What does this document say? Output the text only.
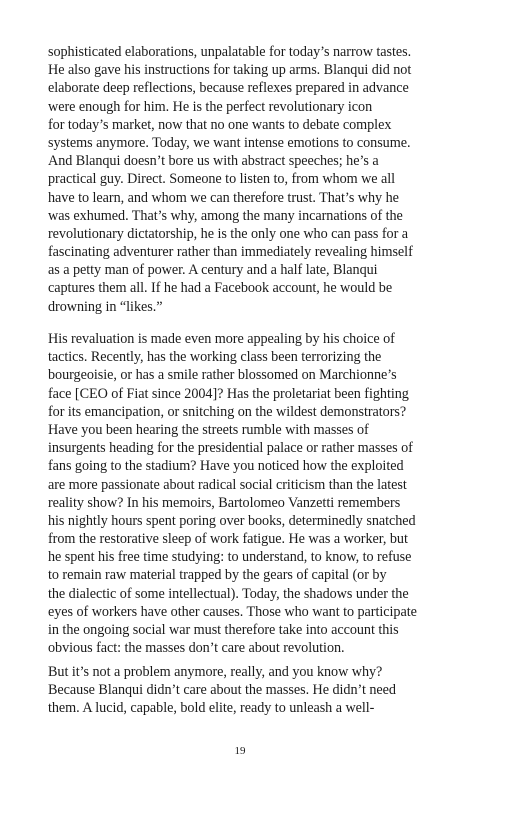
sophisticated elaborations, unpalatable for today’s narrow tastes.
He also gave his instructions for taking up arms. Blanqui did not
elaborate deep reflections, because reflexes prepared in advance
were enough for him. He is the perfect revolutionary icon
for today’s market, now that no one wants to debate complex
systems anymore. Today, we want intense emotions to consume.
And Blanqui doesn’t bore us with abstract speeches; he’s a
practical guy. Direct. Someone to listen to, from whom we all
have to learn, and whom we can therefore trust. That’s why he
was exhumed. That’s why, among the many incarnations of the
revolutionary dictatorship, he is the only one who can pass for a
fascinating adventurer rather than immediately revealing himself
as a petty man of power. A century and a half late, Blanqui
captures them all. If he had a Facebook account, he would be
drowning in “likes.”
His revaluation is made even more appealing by his choice of
tactics. Recently, has the working class been terrorizing the
bourgeoisie, or has a smile rather blossomed on Marchionne’s
face [CEO of Fiat since 2004]? Has the proletariat been fighting
for its emancipation, or snitching on the wildest demonstrators?
Have you been hearing the streets rumble with masses of
insurgents heading for the presidential palace or rather masses of
fans going to the stadium? Have you noticed how the exploited
are more passionate about radical social criticism than the latest
reality show? In his memoirs, Bartolomeo Vanzetti remembers
his nightly hours spent poring over books, determinedly snatched
from the restorative sleep of work fatigue. He was a worker, but
he spent his free time studying: to understand, to know, to refuse
to remain raw material trapped by the gears of capital (or by
the dialectic of some intellectual). Today, the shadows under the
eyes of workers have other causes. Those who want to participate
in the ongoing social war must therefore take into account this
obvious fact: the masses don’t care about revolution.
But it’s not a problem anymore, really, and you know why?
Because Blanqui didn’t care about the masses. He didn’t need
them. A lucid, capable, bold elite, ready to unleash a well-
19
